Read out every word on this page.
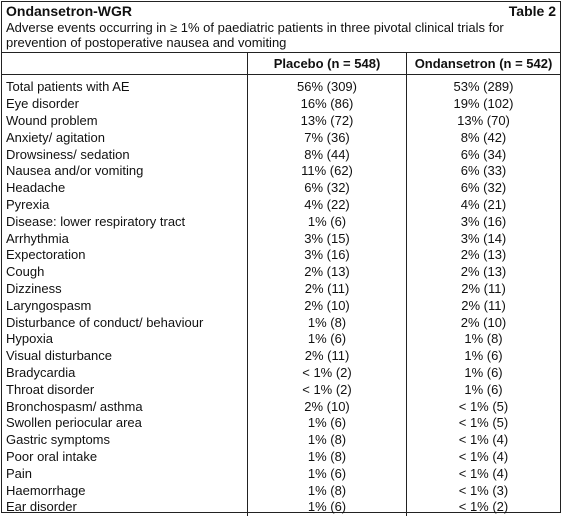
Ondansetron-WGR	Table 2
Adverse events occurring in ≥ 1% of paediatric patients in three pivotal clinical trials for prevention of postoperative nausea and vomiting
	Placebo (n = 548)	Ondansetron (n = 542)
Total patients with AE	56% (309)	53% (289)
Eye disorder	16% (86)	19% (102)
Wound problem	13% (72)	13% (70)
Anxiety/ agitation	7% (36)	8% (42)
Drowsiness/ sedation	8% (44)	6% (34)
Nausea and/or vomiting	11% (62)	6% (33)
Headache	6% (32)	6% (32)
Pyrexia	4% (22)	4% (21)
Disease: lower respiratory tract	1% (6)	3% (16)
Arrhythmia	3% (15)	3% (14)
Expectoration	3% (16)	2% (13)
Cough	2% (13)	2% (13)
Dizziness	2% (11)	2% (11)
Laryngospasm	2% (10)	2% (11)
Disturbance of conduct/ behaviour	1% (8)	2% (10)
Hypoxia	1% (6)	1% (8)
Visual disturbance	2% (11)	1% (6)
Bradycardia	< 1% (2)	1% (6)
Throat disorder	< 1% (2)	1% (6)
Bronchospasm/ asthma	2% (10)	< 1% (5)
Swollen periocular area	1% (6)	< 1% (5)
Gastric symptoms	1% (8)	< 1% (4)
Poor oral intake	1% (8)	< 1% (4)
Pain	1% (6)	< 1% (4)
Haemorrhage	1% (8)	< 1% (3)
Ear disorder	1% (6)	< 1% (2)
